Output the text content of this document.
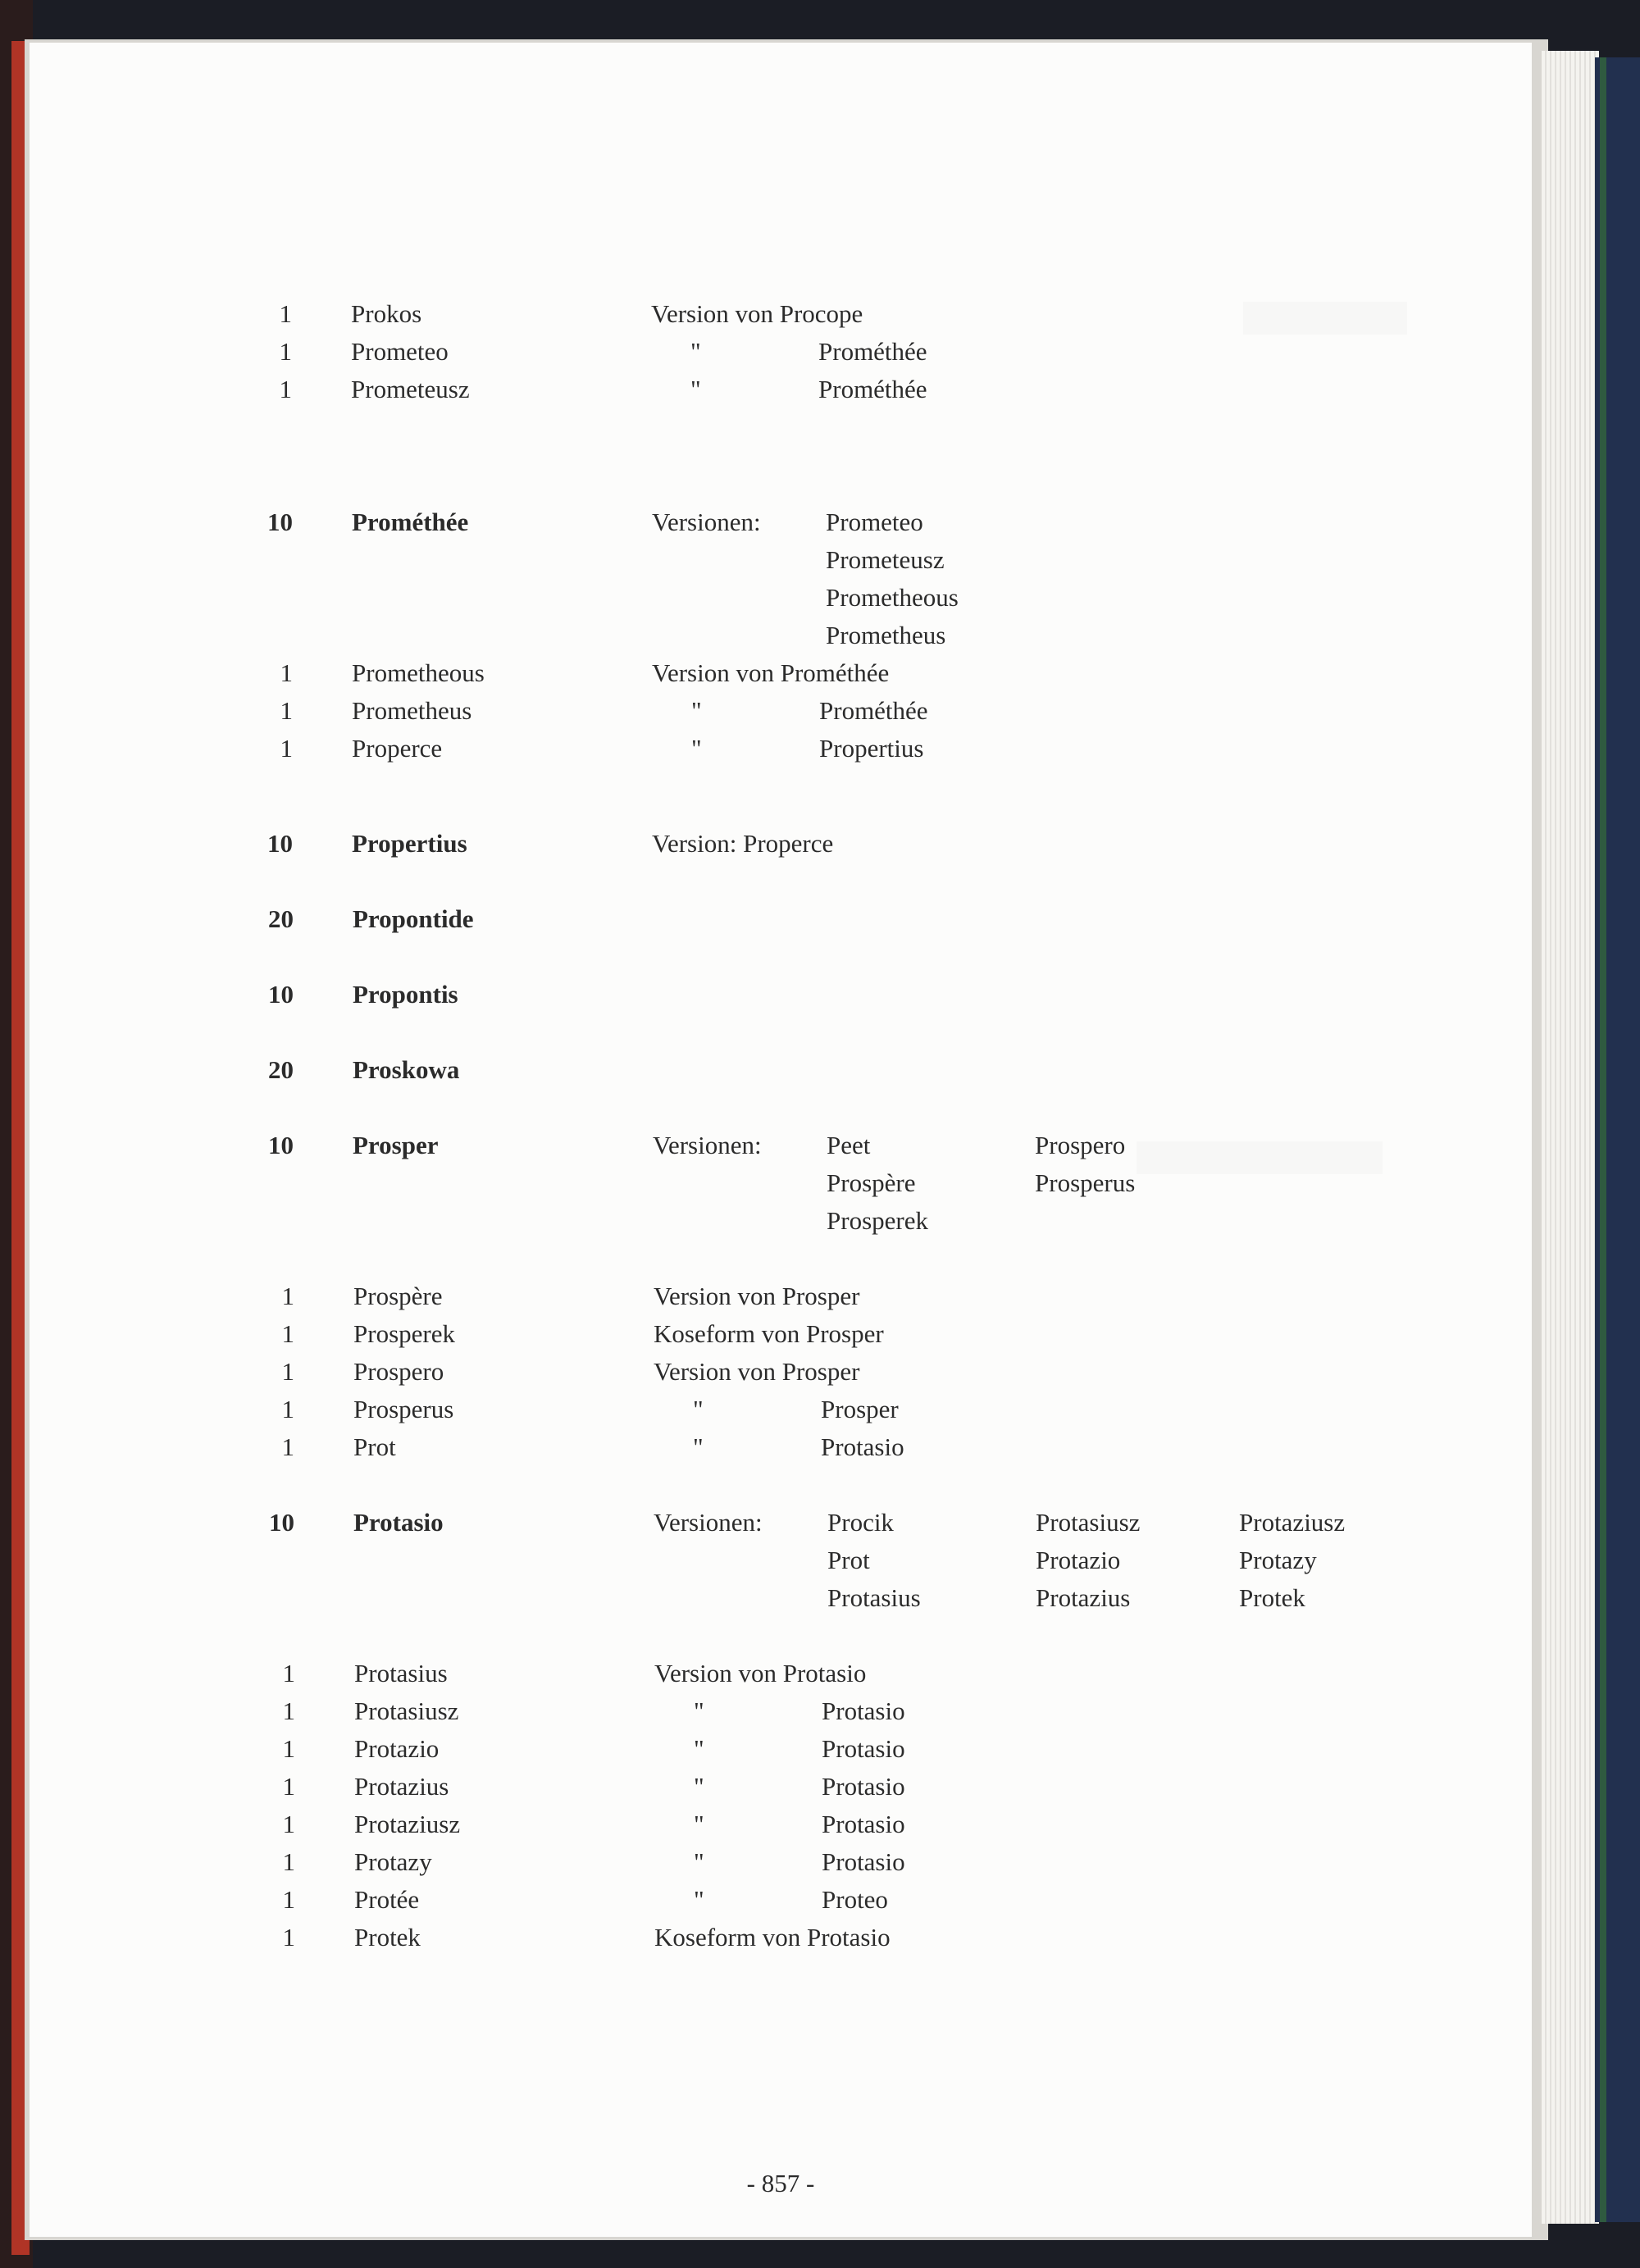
1 Prokos	Version von Procope
1 Prometeo	"	Prométhée
1 Prometeusz	"	Prométhée
10 Prométhée	Versionen:	Prometeo
Prometeusz
Prometheous
Prometheus
1 Prometheous	Version von Prométhée
1 Prometheus	"	Prométhée
1 Properce	"	Propertius
10 Propertius	Version: Properce
20 Propontide
10 Propontis
20 Proskowa
10 Prosper	Versionen:	Peet	Prospero
Prospère	Prosperus
Prosperek
1 Prospère	Version von Prosper
1 Prosperek	Koseform von Prosper
1 Prospero	Version von Prosper
1 Prosperus	"	Prosper
1 Prot	"	Protasio
10 Protasio	Versionen:	Procik	Protasiusz	Protaziusz
Prot	Protazio	Protazy
Protasius	Protazius	Protek
1 Protasius	Version von Protasio
1 Protasiusz	"	Protasio
1 Protazio	"	Protasio
1 Protazius	"	Protasio
1 Protaziusz	"	Protasio
1 Protazy	"	Protasio
1 Protée	"	Proteo
1 Protek	Koseform von Protasio
- 857 -
